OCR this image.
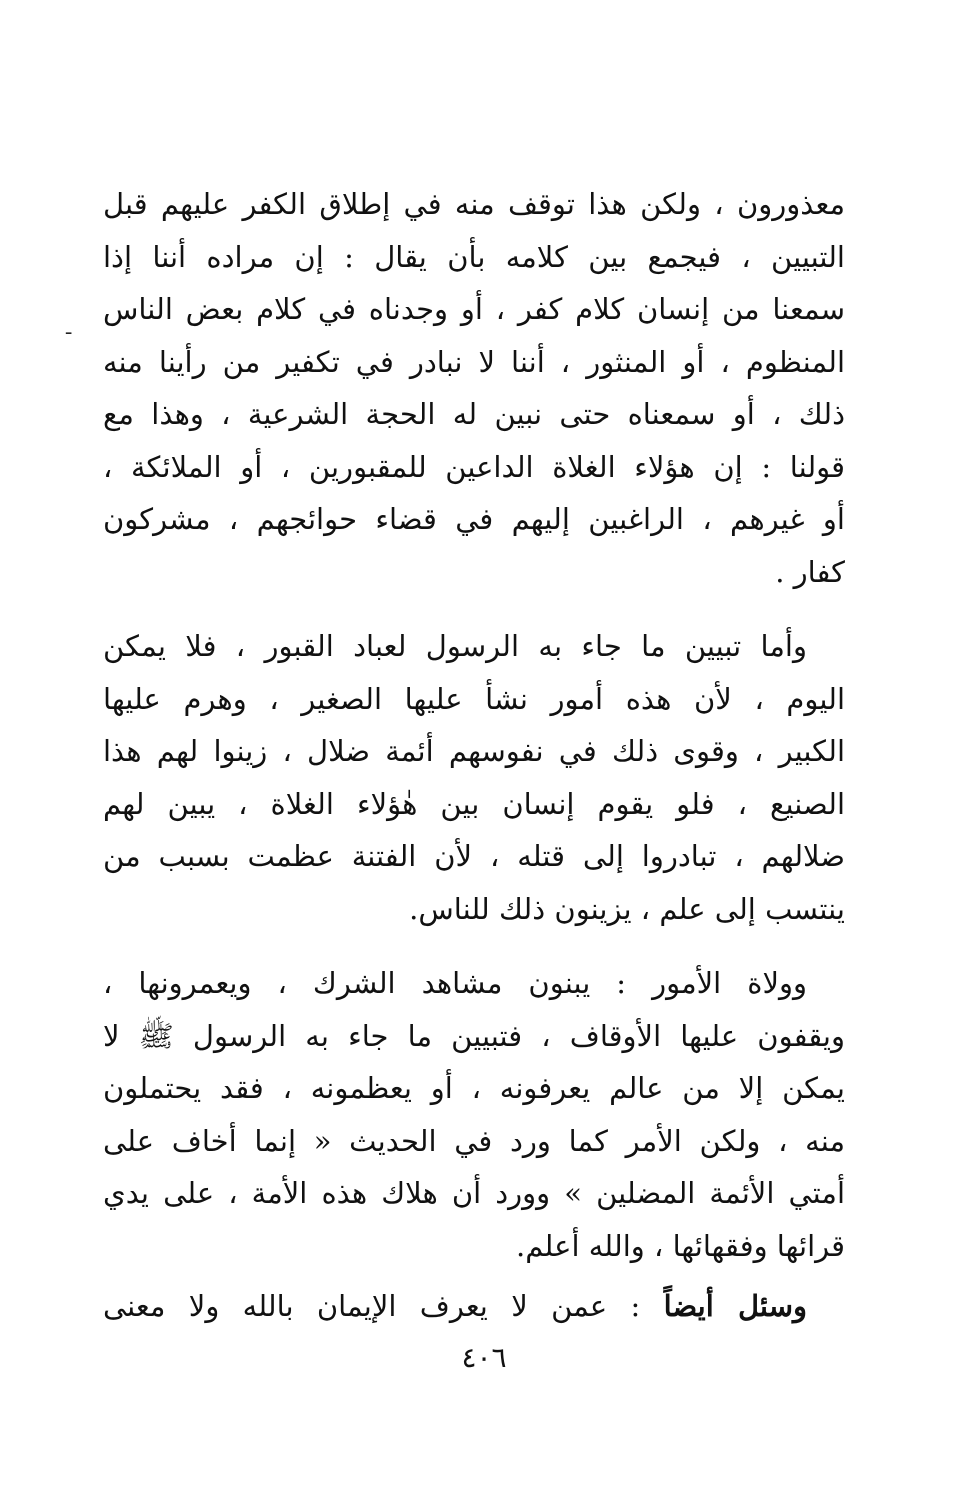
ـ
معذورون ، ولكن هذا توقف منه في إطلاق الكفر عليهم قبل
التبيين ، فيجمع بين كلامه بأن يقال : إن مراده أننا إذا
سمعنا من إنسان كلام كفر ، أو وجدناه في كلام بعض الناس
المنظوم ، أو المنثور ، أننا لا نبادر في تكفير من رأينا منه
ذلك ، أو سمعناه حتى نبين له الحجة الشرعية ، وهذا مع
قولنا : إن هؤلاء الغلاة الداعين للمقبورين ، أو الملائكة ،
أو غيرهم ، الراغبين إليهم في قضاء حوائجهم ، مشركون
كفار .
وأما تبيين ما جاء به الرسول لعباد القبور ، فلا يمكن
اليوم ، لأن هذه أمور نشأ عليها الصغير ، وهرم عليها
الكبير ، وقوى ذلك في نفوسهم أئمة ضلال ، زينوا لهم هذا
الصنيع ، فلو يقوم إنسان بين هٰؤلاء الغلاة ، يبين لهم
ضلالهم ، تبادروا إلى قتله ، لأن الفتنة عظمت بسبب من
ينتسب إلى علم ، يزينون ذلك للناس.
وولاة الأمور : يبنون مشاهد الشرك ، ويعمرونها ،
ويقفون عليها الأوقاف ، فتبيين ما جاء به الرسول ﷺ لا
يمكن إلا من عالم يعرفونه ، أو يعظمونه ، فقد يحتملون
منه ، ولكن الأمر كما ورد في الحديث « إنما أخاف على
أمتي الأئمة المضلين » وورد أن هلاك هذه الأمة ، على يدي
قرائها وفقهائها ، والله أعلم.
وسئل أيضاً : عمن لا يعرف الإيمان بالله ولا معنى
٤٠٦
